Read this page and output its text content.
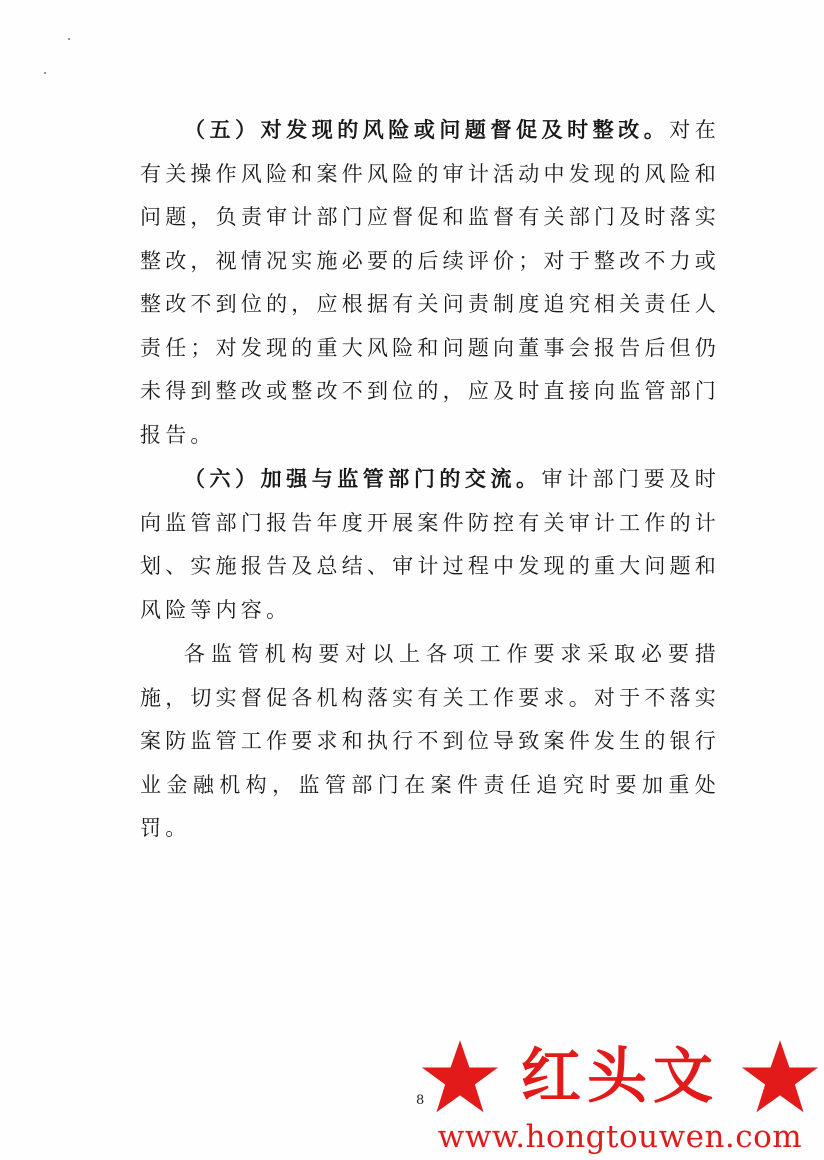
（五）对发现的风险或问题督促及时整改。对在有关操作风险和案件风险的审计活动中发现的风险和问题，负责审计部门应督促和监督有关部门及时落实整改，视情况实施必要的后续评价；对于整改不力或整改不到位的，应根据有关问责制度追究相关责任人责任；对发现的重大风险和问题向董事会报告后但仍未得到整改或整改不到位的，应及时直接向监管部门报告。

（六）加强与监管部门的交流。审计部门要及时向监管部门报告年度开展案件防控有关审计工作的计划、实施报告及总结、审计过程中发现的重大问题和风险等内容。

各监管机构要对以上各项工作要求采取必要措施，切实督促各机构落实有关工作要求。对于不落实案防监管工作要求和执行不到位导致案件发生的银行业金融机构，监管部门在案件责任追究时要加重处罚。

8 红头文
www.hongtouwen.com
